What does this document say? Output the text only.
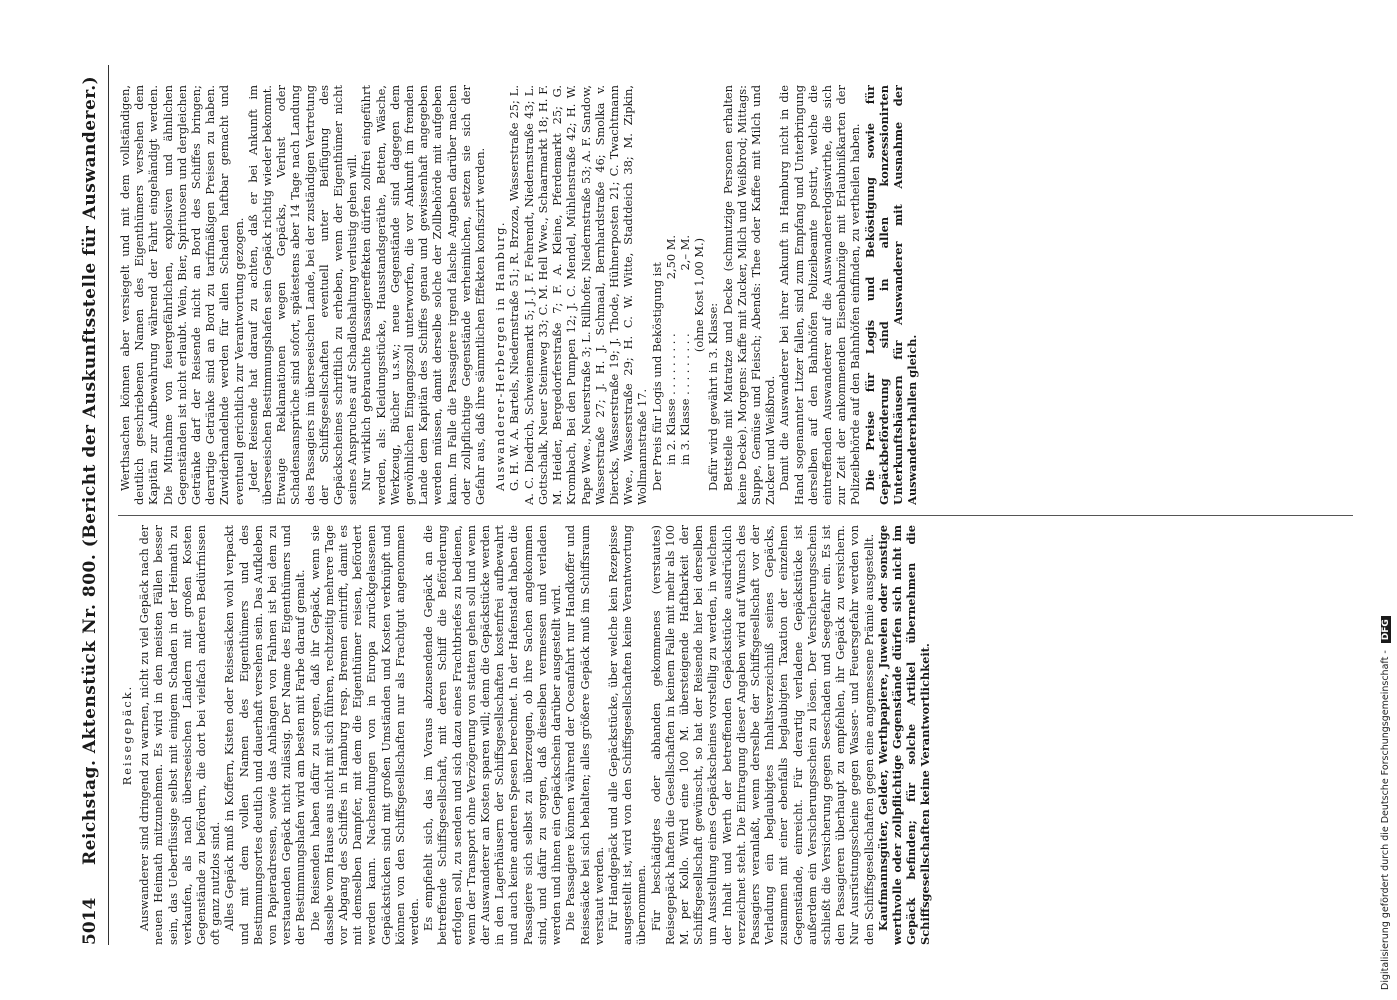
5014
Reichstag. Aktenstück Nr. 800. (Bericht der Auskunftsstelle für Auswanderer.) Reisegepäck. Auswanderer sind dringend zu warnen, nicht zu viel Gepäck nach der neuen Heimath mitzunehmen. Es wird in den meisten Fällen besser sein, das Ueberflüssige selbst mit einigem Schaden in der Heimath zu verkaufen, als nach überseeischen Ländern mit großen Kosten Gegenstände zu befördern, die dort bei vielfach anderen Bedürfnissen oft ganz nutzlos sind. Alles Gepäck muß in Koffern, Kisten oder Reisesäcken wohl verpackt und mit dem vollen Namen des Eigenthümers und des Bestimmungsortes deutlich und dauerhaft versehen sein. Das Aufkleben von Papieradressen, sowie das Anhängen von Fahnen ist bei dem zu verstauenden Gepäck nicht zulässig. Der Name des Eigenthümers und der Bestimmungshafen wird am besten mit Farbe darauf gemalt. Die Reisenden haben dafür zu sorgen, daß ihr Gepäck, wenn sie dasselbe vom Hause aus nicht mit sich führen, rechtzeitig mehrere Tage vor Abgang des Schiffes in Hamburg resp. Bremen eintrifft, damit es mit demselben Dampfer, mit dem die Eigenthümer reisen, befördert werden kann. Nachsendungen von in Europa zurückgelassenen Gepäckstücken sind mit großen Umständen und Kosten verknüpft und können von den Schiffsgesellschaften nur als Frachtgut angenommen werden. Es empfiehlt sich, das im Voraus abzusendende Gepäck an die betreffende Schiffsgesellschaft, mit deren Schiff die Beförderung erfolgen soll, zu senden und sich dazu eines Frachtbriefes zu bedienen, wenn der Transport ohne Verzögerung von statten gehen soll und wenn der Auswanderer an Kosten sparen will; denn die Gepäckstücke werden in den Lagerhäusern der Schiffsgesellschaften kostenfrei aufbewahrt und auch keine anderen Spesen berechnet. In der Hafenstadt haben die Passagiere sich selbst zu überzeugen, ob ihre Sachen angekommen sind, und dafür zu sorgen, daß dieselben vermessen und verladen werden und ihnen ein Gepäckschein darüber ausgestellt wird. Die Passagiere können während der Oceanfahrt nur Handkoffer und Reisesäcke bei sich behalten; alles größere Gepäck muß im Schiffsraum verstaut werden. Für Handgepäck und alle Gepäckstücke, über welche kein Rezepisse ausgestellt ist, wird von den Schiffsgesellschaften keine Verantwortung übernommen. Für beschädigtes oder abhanden gekommenes (verstautes) Reisegepäck haften die Gesellschaften in keinem Falle mit mehr als 100 M. per Kollo. Wird eine 100 M. übersteigende Haftbarkeit der Schiffsgesellschaft gewünscht, so hat der Reisende hier bei derselben um Ausstellung eines Gepäckscheines vorstellig zu werden, in welchem der Inhalt und Werth der betreffenden Gepäckstücke ausdrücklich verzeichnet steht. Die Eintragung dieser Angaben wird auf Wunsch des Passagiers veranlaßt, wenn derselbe der Schiffsgesellschaft vor der Verladung ein beglaubigtes Inhaltsverzeichniß seines Gepäcks, zusammen mit einer ebenfalls beglaubigten Taxation der einzelnen Gegenstände, einreicht. Für derartig verladene Gepäckstücke ist außerdem ein Versicherungsschein zu lösen. Der Versicherungsschein schließt die Versicherung gegen Seeschaden und Seegefahr ein. Es ist den Passagieren überhaupt zu empfehlen, ihr Gepäck zu versichern. Nur Ausrüstungsscheine gegen Wasser- und Feuersgefahr werden von den Schiffsgesellschaften gegen eine angemessene Prämie ausgestellt. Kaufmannsgüter, Gelder, Werthpapiere, Juwelen oder sonstige werthvolle oder zollpflichtige Gegenstände dürfen sich nicht im Gepäck befinden; für solche Artikel übernehmen die Schiffsgesellschaften keine Verantwortlichkeit.

Werthsachen können aber versiegelt und mit dem vollständigen, deutlich geschriebenen Namen des Eigenthümers versehen dem Kapitän zur Aufbewahrung während der Fahrt eingehändigt werden. Die Mitnahme von feuergefährlichen, explosiven und ähnlichen Gegenständen ist nicht erlaubt. Wein, Bier, Spirituosen und dergleichen Getränke darf der Reisende nicht an Bord des Schiffes bringen; derartige Getränke sind an Bord zu tarifmäßigen Preisen zu haben. Zuwiderhandelnde werden für allen Schaden haftbar gemacht und eventuell gerichtlich zur Verantwortung gezogen. Jeder Reisende hat darauf zu achten, daß er bei Ankunft im überseeischen Bestimmungshafen sein Gepäck richtig wieder bekommt. Etwaige Reklamationen wegen Gepäcks, Verlust oder Schadensansprüche sind sofort, spätestens aber 14 Tage nach Landung des Passagiers im überseeischen Lande, bei der zuständigen Vertretung der Schiffsgesellschaften eventuell unter Beifügung des Gepäckscheines schriftlich zu erheben, wenn der Eigenthümer nicht seines Anspruches auf Schadloshaltung verlustig gehen will. Nur wirklich gebrauchte Passagiereffekten dürfen zollfrei eingeführt werden, als: Kleidungsstücke, Hausstandsgeräthe, Betten, Wäsche, Werkzeug, Bücher u.s.w.; neue Gegenstände sind dagegen dem gewöhnlichen Eingangszoll unterworfen, die vor Ankunft im fremden Lande dem Kapitän des Schiffes genau und gewissenhaft angegeben werden müssen, damit derselbe solche der Zollbehörde mit aufgeben kann. Im Falle die Passagiere irgend falsche Angaben darüber machen oder zollpflichtige Gegenstände verheimlichen, setzen sie sich der Gefahr aus, daß ihre sämmtlichen Effekten konfiszirt werden. Auswanderer-Herbergen in Hamburg. G. H. W. A. Bartels, Niedernstraße 51; R. Brzoza, Wasserstraße 25; L. A. C. Diedrich, Schweinemarkt 5; J. J. F. Fehrendt, Niedernstraße 43; L. Gottschalk, Neuer Steinweg 33; C. M. Hell Wwe., Schaarmarkt 18; H. F. M. Heider, Bergedorferstraße 7; F. A. Kleine, Pferdemarkt 25; G. Krombach, Bei den Pumpen 12; J. C. Mendel, Mühlenstraße 42; H. W. Pape Wwe., Neuerstraße 3; L. Rillhofer, Niedernstraße 53; A. F. Sandow, Wasserstraße 27; J. H. J. Schmaal, Bernhardstraße 46; Smolka v. Diercks, Wasserstraße 19; J. Thode, Hühnerposten 21; C. Twachtmann Wwe., Wasserstraße 29; H. C. W. Witte, Stadtdeich 38; M. Zipkin, Wollmannstraße 17. Der Preis für Logis und Beköstigung ist in 2. Klasse . . . . . . . . .
2,50 M.
in 3. Klasse . . . . . . . . .
2,– M. (ohne Kost 1,00 M.)

Dafür wird gewährt in 3. Klasse: Bettstelle mit Matratze und Decke (schmutzige Personen erhalten keine Decke). Morgens: Kaffe mit Zucker, Milch und Weißbrod; Mittags: Suppe, Gemüse und Fleisch; Abends: Thee oder Kaffee mit Milch und Zucker und Weißbrod. Damit die Auswanderer bei ihrer Ankunft in Hamburg nicht in die Hand sogenannter Litzer fallen, sind zum Empfang und Unterbringung derselben auf den Bahnhöfen Polizeibeamte postirt, welche die eintreffenden Auswanderer auf die Auswandererlogiswirthe, die sich zur Zeit der ankommenden Eisenbahnzüge mit Erlaubnißkarten der Polizeibehörde auf den Bahnhöfen einfinden, zu vertheilen haben. Die Preise für Logis und Beköstigung sowie für Gepäckbeförderung sind in allen konzessionirten Unterkunftshäusern für Auswanderer mit Ausnahme der Auswandererhallen gleich.

Digitalisierung gefördert durch die Deutsche Forschungsgemeinschaft - DFG
